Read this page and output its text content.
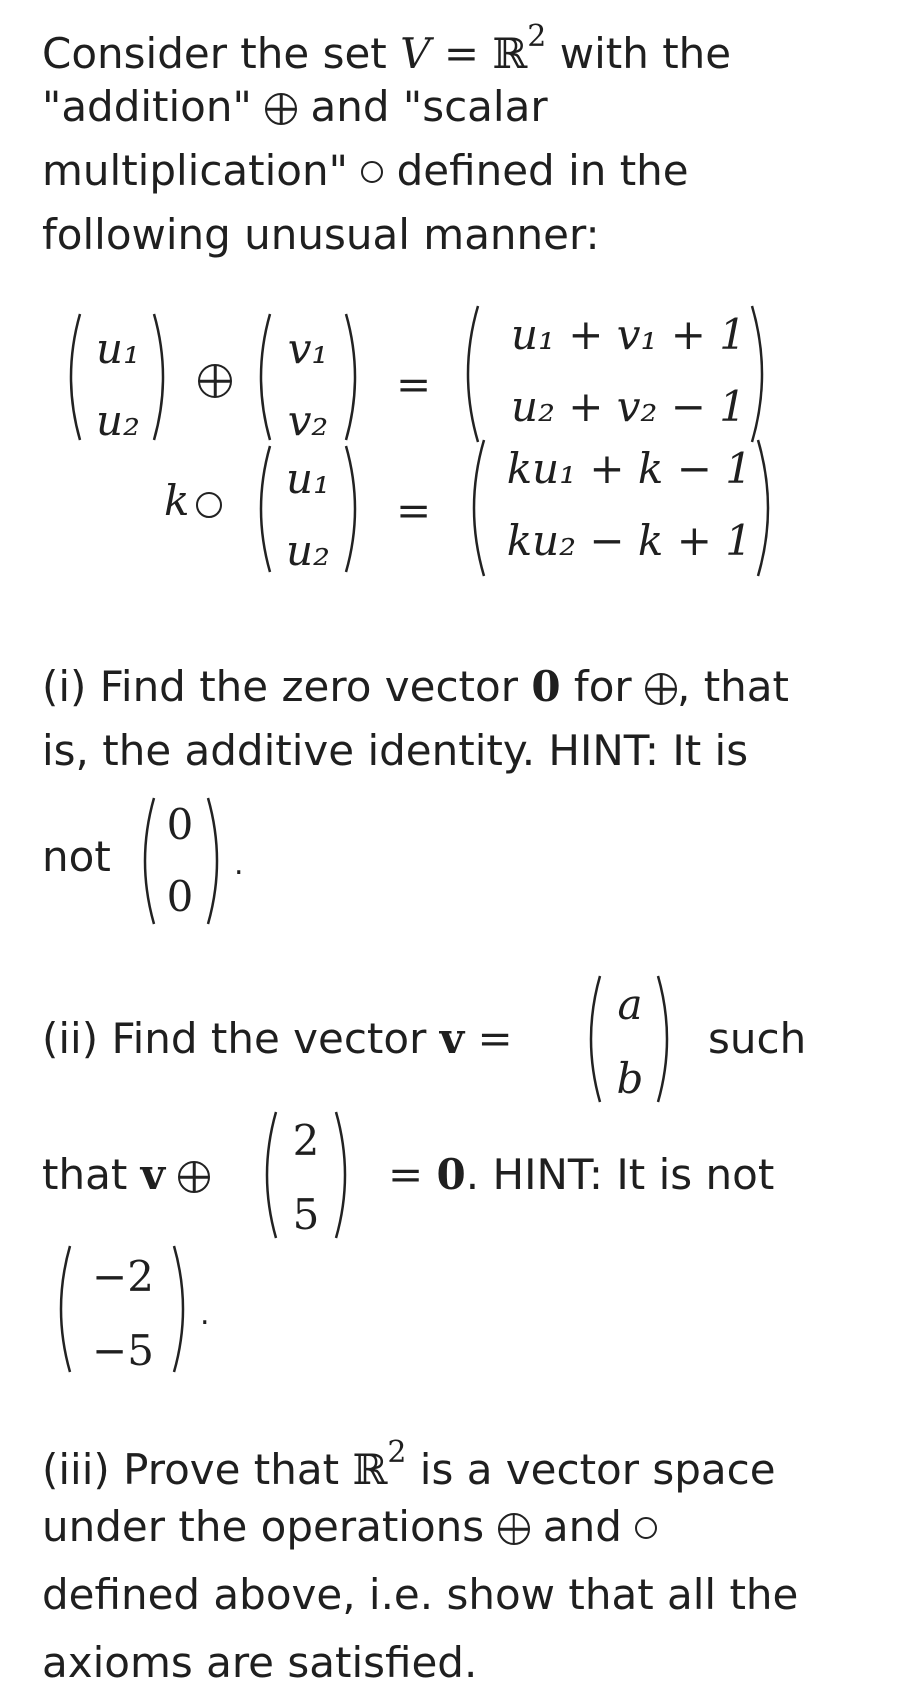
Consider the set V = ℝ$^2$ with the
"addition"  and "scalar
multiplication"  defined in the
following unusual manner:
u₁
u₂
v₁
v₂
=
u₁ + v₁ + 1
u₂ + v₂ − 1
k u₁
u₂
=
ku₁ + k − 1
ku₂ − k + 1
(i) Find the zero vector 0 for , that
is, the additive identity. HINT: It is
not
0
0
.
(ii) Find the vector v =
a
b
such
that v
2
5
= 0. HINT: It is not
−2
−5
.
(iii) Prove that ℝ$^2$ is a vector space
under the operations  and
defined above, i.e. show that all the
axioms are satisfied.
